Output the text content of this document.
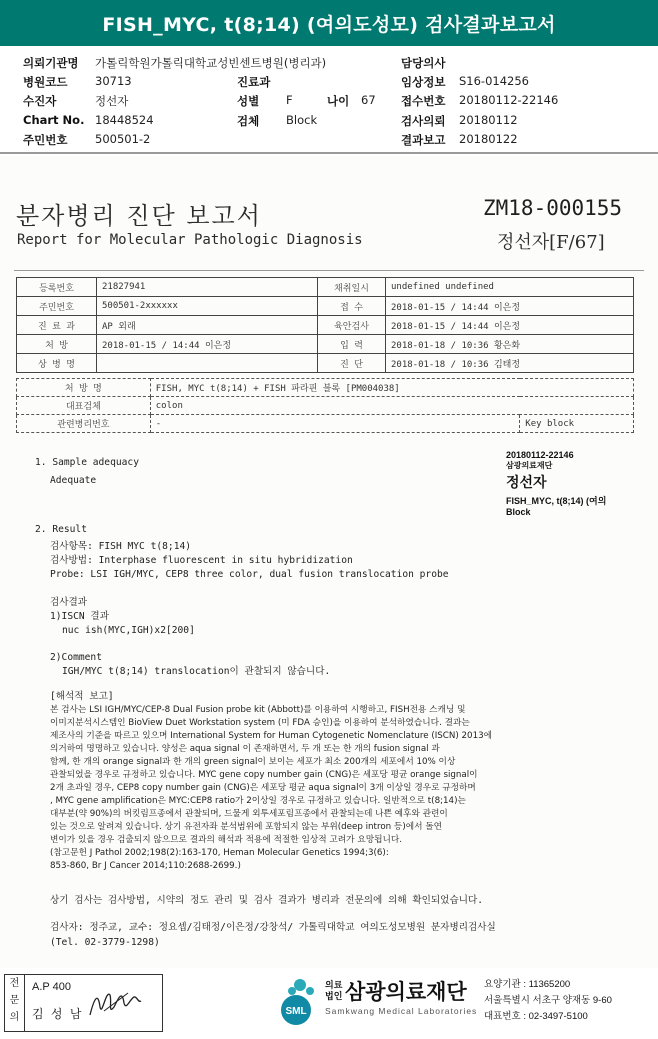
FISH_MYC, t(8;14) (여의도성모) 검사결과보고서
의뢰기관명 가톨릭학원가톨릭대학교성빈센트병원(병리과)	담당의사
병원코드 30713	진료과	임상정보 S16-014256
수진자	정선자	성별 F	나이 67 접수번호 20180112-22146
Chart No. 18448524	검체 Block	검사의뢰 20180112
주민번호 500501-2	결과보고 20180122
분자병리 진단 보고서
Report for Molecular Pathologic Diagnosis
ZM18-000155
정선자[F/67]
등록번호	21827941	채취일시	undefined undefined
주민번호	500501-2xxxxxx	접 수	2018-01-15 / 14:44 이은정
진 료 과	AP 외래	육안검사	2018-01-15 / 14:44 이은정
처 방	2018-01-15 / 14:44 이은정	입 력	2018-01-18 / 10:36 황은화
상 병 명		진 단	2018-01-18 / 10:36 김태정
처 방 명	FISH, MYC t(8;14) + FISH 파라핀 블록 [PM004038]	
대표검체	colon	
관련병리번호	-	Key block
1. Sample adequacy
Adequate
2. Result
검사항목: FISH MYC t(8;14)
검사방법: Interphase fluorescent in situ hybridization
Probe: LSI IGH/MYC, CEP8 three color, dual fusion translocation probe
검사결과
1)ISCN 결과
nuc ish(MYC,IGH)x2[200]
2)Comment
IGH/MYC t(8;14) translocation이 관찰되지 않습니다.
[해석적 보고]
본 검사는 LSI IGH/MYC/CEP-8 Dual Fusion probe kit (Abbott)를 이용하여 시행하고, FISH전용 스캐닝 및
이미지분석시스템인 BioView Duet Workstation system (미 FDA 승인)을 이용하여 분석하였습니다. 결과는
제조사의 기준을 따르고 있으며 International System for Human Cytogenetic Nomenclature (ISCN) 2013에
의거하여 명명하고 있습니다. 양성은 aqua signal 이 존재하면서, 두 개 또는 한 개의 fusion signal 과
함께, 한 개의 orange signal과 한 개의 green signal이 보이는 세포가 최소 200개의 세포에서 10% 이상
관찰되었을 경우로 규정하고 있습니다. MYC gene copy number gain (CNG)은 세포당 평균 orange signal이
2개 초과일 경우, CEP8 copy number gain (CNG)은 세포당 평균 aqua signal이 3개 이상일 경우로 규정하며
, MYC gene amplification은 MYC:CEP8 ratio가 2이상일 경우로 규정하고 있습니다. 일반적으로 t(8;14)는
대부분(약 90%)의 버킷림프종에서 관찰되며, 드물게 외투세포림프종에서 관찰되는데 나쁜 예후와 관련이
있는 것으로 알려져 있습니다. 상기 유전자좌 분석범위에 포함되지 않는 부위(deep intron 등)에서 돌연
변이가 있을 경우 검출되지 않으므로 결과의 해석과 적용에 적절한 임상적 고려가 요망됩니다.
(참고문헌 J Pathol 2002;198(2):163-170, Heman Molecular Genetics 1994;3(6):
853-860, Br J Cancer 2014;110:2688-2699.)
상기 검사는 검사방법, 시약의 정도 관리 및 검사 결과가 병리과 전문의에 의해 확인되었습니다.
검사자: 정주교, 교수: 정요셉/김태정/이은정/강창석/ 가톨릭대학교 여의도성모병원 분자병리검사실
(Tel. 02-3779-1298)
20180112-22146
삼광의료재단
정선자
FISH_MYC, t(8;14) (여의
Block
전
문
의
A.P 400
김 성 남	SML
의료
법인 삼광의료재단
Samkwang Medical Laboratories
요양기관 : 11365200
서울특별시 서초구 양재동 9-60
대표번호 : 02-3497-5100
